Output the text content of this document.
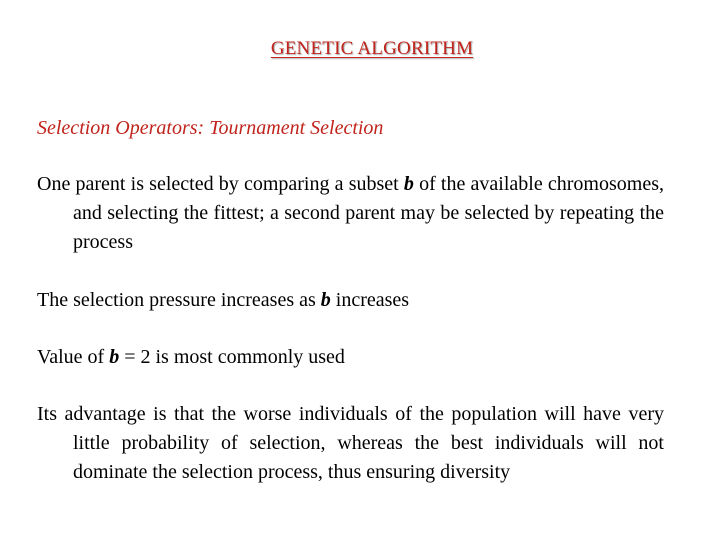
GENETIC ALGORITHM
Selection Operators: Tournament Selection
One parent is selected by comparing a subset b of the available chromosomes, and selecting the fittest; a second parent may be selected by repeating the process
The selection pressure increases as b increases
Value of b = 2 is most commonly used
Its advantage is that the worse individuals of the population will have very little probability of selection, whereas the best individuals will not dominate the selection process, thus ensuring diversity
